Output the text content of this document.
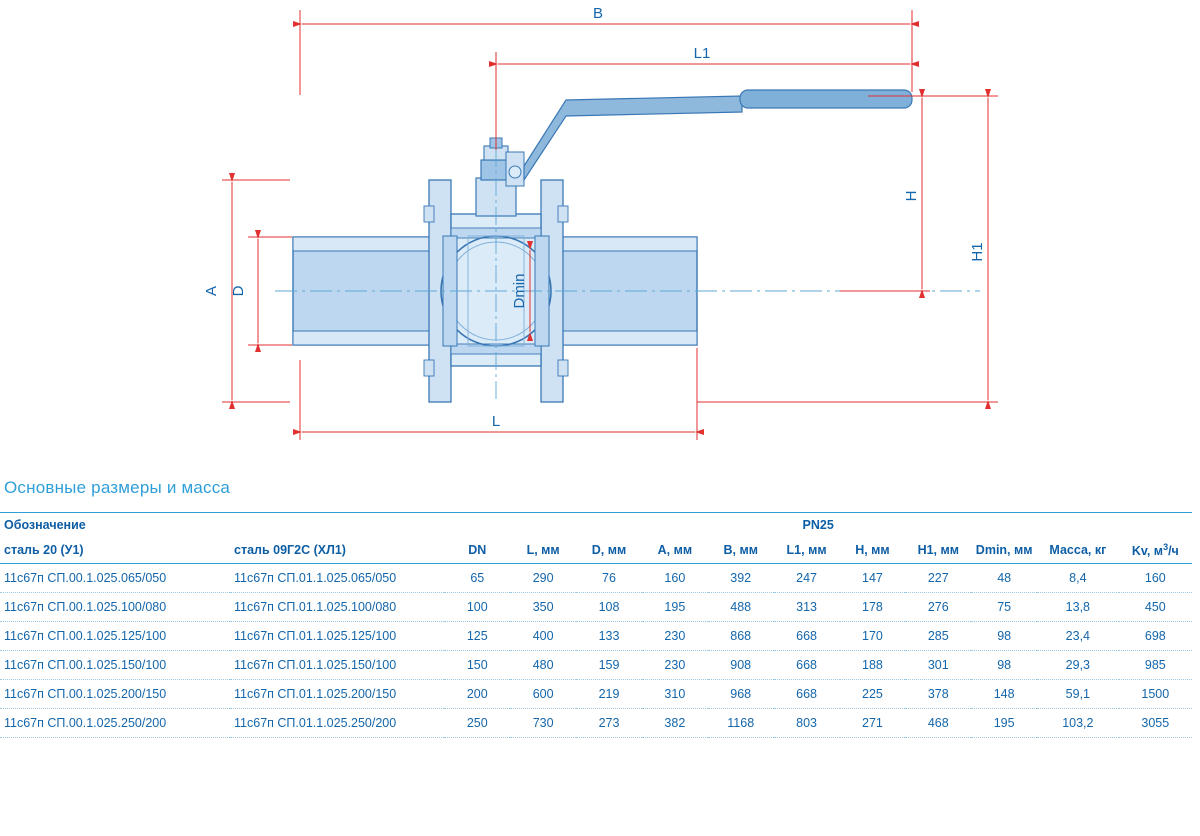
B
L1
L
A D
H
H1
Dmin
Основные размеры и масса
Обозначение		PN25										
сталь 20 (У1)	сталь 09Г2С (ХЛ1)	DN	L, мм	D, мм	A, мм	B, мм	L1, мм	H, мм	H1, мм	Dmin, мм	Масса, кг	Kv, $м^3/ч$
11с67п СП.00.1.025.065/050	11с67п СП.01.1.025.065/050	65	290	76	160	392	247	147	227	48	8,4	160
11с67п СП.00.1.025.100/080	11с67п СП.01.1.025.100/080	100	350	108	195	488	313	178	276	75	13,8	450
11с67п СП.00.1.025.125/100	11с67п СП.01.1.025.125/100	125	400	133	230	868	668	170	285	98	23,4	698
11с67п СП.00.1.025.150/100	11с67п СП.01.1.025.150/100	150	480	159	230	908	668	188	301	98	29,3	985
11с67п СП.00.1.025.200/150	11с67п СП.01.1.025.200/150	200	600	219	310	968	668	225	378	148	59,1	1500
11с67п СП.00.1.025.250/200	11с67п СП.01.1.025.250/200	250	730	273	382	1168	803	271	468	195	103,2	3055
